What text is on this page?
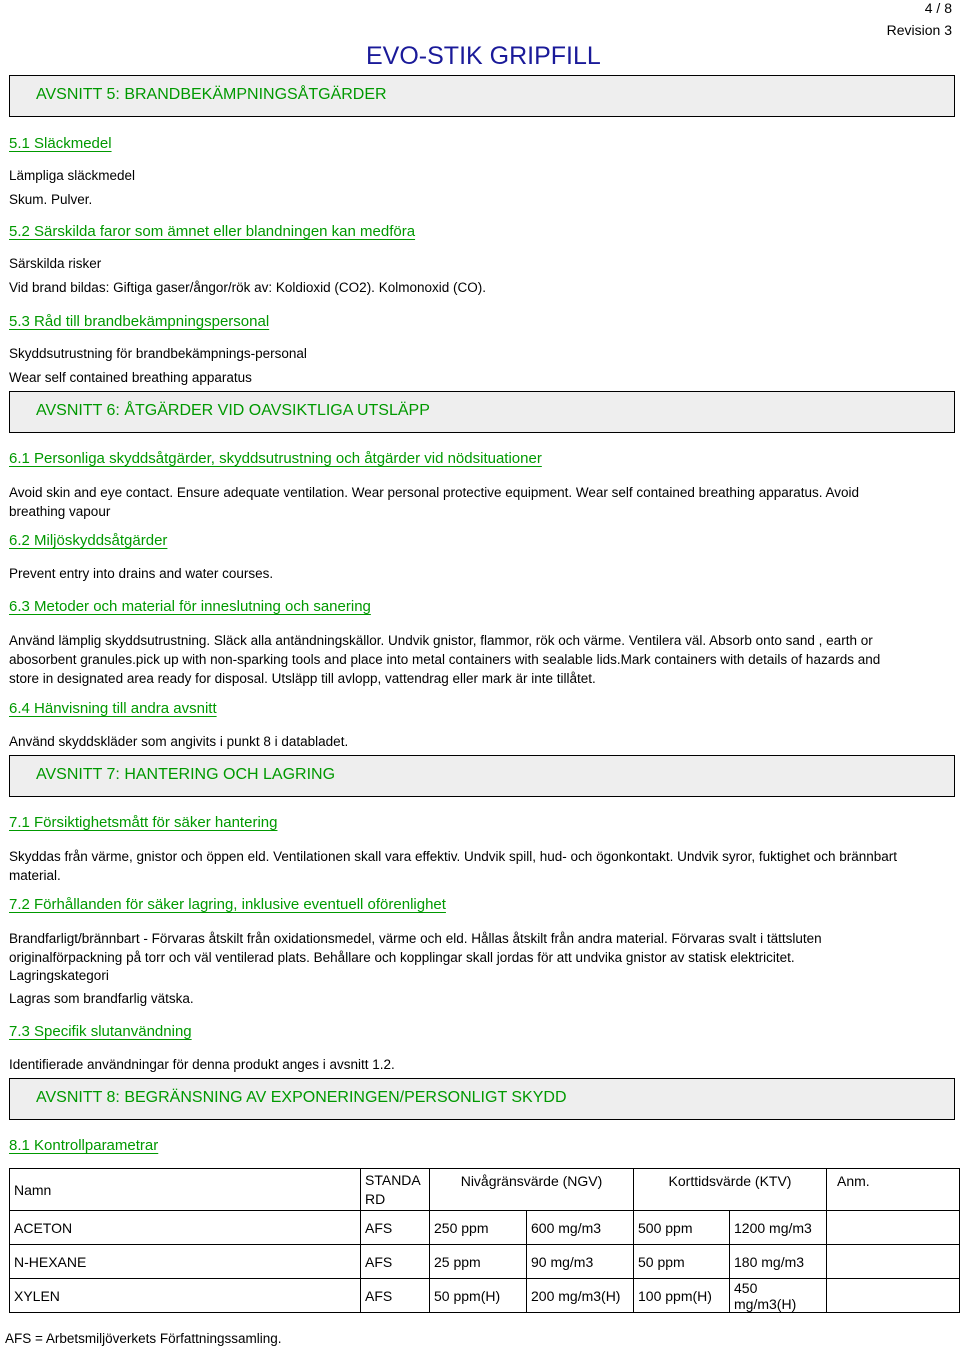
4 / 8
Revision 3
EVO-STIK GRIPFILL
AVSNITT 5: BRANDBEKÄMPNINGSÅTGÄRDER
5.1 Släckmedel
Lämpliga släckmedel
Skum. Pulver.
5.2 Särskilda faror som ämnet eller blandningen kan medföra
Särskilda risker
Vid brand bildas: Giftiga gaser/ångor/rök av: Koldioxid (CO2). Kolmonoxid (CO).
5.3 Råd till brandbekämpningspersonal
Skyddsutrustning för brandbekämpnings-personal
Wear self contained breathing apparatus
AVSNITT 6: ÅTGÄRDER VID OAVSIKTLIGA UTSLÄPP
6.1 Personliga skyddsåtgärder, skyddsutrustning och åtgärder vid nödsituationer
Avoid skin and eye contact. Ensure adequate ventilation. Wear personal protective equipment. Wear self contained breathing apparatus. Avoid breathing vapour
6.2 Miljöskyddsåtgärder
Prevent entry into drains and water courses.
6.3 Metoder och material för inneslutning och sanering
Använd lämplig skyddsutrustning. Släck alla antändningskällor. Undvik gnistor, flammor, rök och värme. Ventilera väl. Absorb onto sand , earth or abosorbent granules.pick up with non-sparking tools and place into metal containers with sealable lids.Mark containers with details of hazards and store in designated area ready for disposal. Utsläpp till avlopp, vattendrag eller mark är inte tillåtet.
6.4 Hänvisning till andra avsnitt
Använd skyddskläder som angivits i punkt 8 i databladet.
AVSNITT 7: HANTERING OCH LAGRING
7.1 Försiktighetsmått för säker hantering
Skyddas från värme, gnistor och öppen eld. Ventilationen skall vara effektiv. Undvik spill, hud- och ögonkontakt. Undvik syror, fuktighet och brännbart material.
7.2 Förhållanden för säker lagring, inklusive eventuell oförenlighet
Brandfarligt/brännbart - Förvaras åtskilt från oxidationsmedel, värme och eld. Hållas åtskilt från andra material. Förvaras svalt i tättsluten originalförpackning på torr och väl ventilerad plats. Behållare och kopplingar skall jordas för att undvika gnistor av statisk elektricitet.
Lagringskategori
Lagras som brandfarlig vätska.
7.3 Specifik slutanvändning
Identifierade användningar för denna produkt anges i avsnitt 1.2.
AVSNITT 8: BEGRÄNSNING AV EXPONERINGEN/PERSONLIGT SKYDD
8.1 Kontrollparametrar
Namn	STANDARD	Nivågränsvärde (NGV)		Korttidsvärde (KTV)		Anm.
ACETON	AFS	250 ppm	600 mg/m3	500 ppm	1200 mg/m3	
N-HEXANE	AFS	25 ppm	90 mg/m3	50 ppm	180 mg/m3	
XYLEN	AFS	50 ppm(H)	200 mg/m3(H)	100 ppm(H)	450 mg/m3(H)	
AFS = Arbetsmiljöverkets Författningssamling.
